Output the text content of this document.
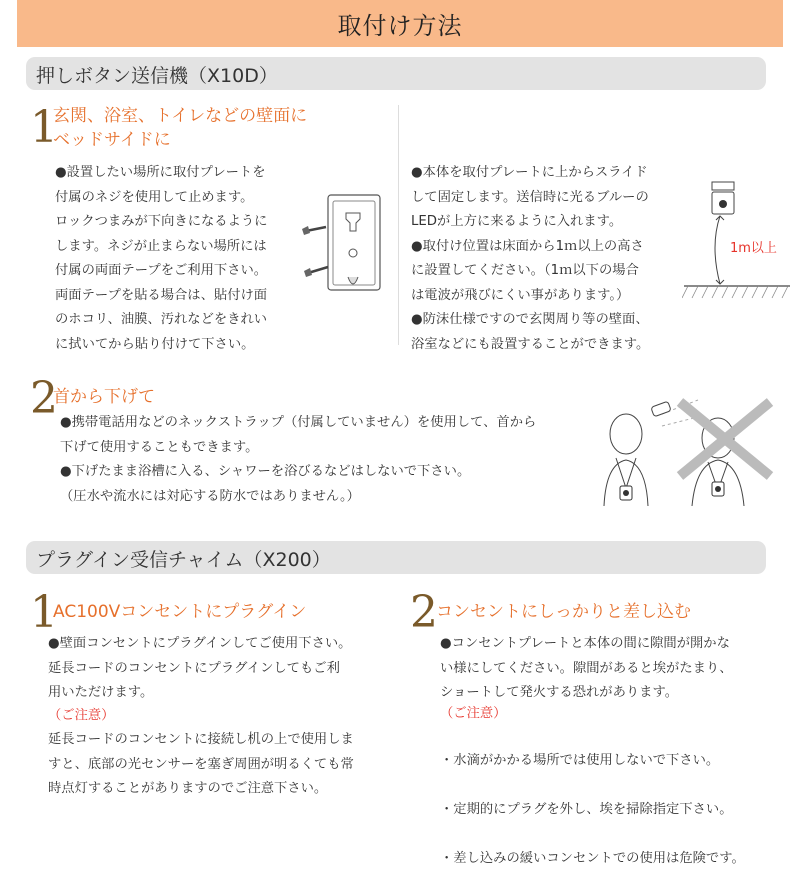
取付け方法
押しボタン送信機（X10D）
1
玄関、浴室、トイレなどの壁面に
ベッドサイドに
●設置したい場所に取付プレートを
付属のネジを使用して止めます。
ロックつまみが下向きになるように
します。ネジが止まらない場所には
付属の両面テープをご利用下さい。
両面テープを貼る場合は、貼付け面
のホコリ、油膜、汚れなどをきれい
に拭いてから貼り付けて下さい。
●本体を取付プレートに上からスライド
して固定します。送信時に光るブルーの
LEDが上方に来るように入れます。
●取付け位置は床面から1ｍ以上の高さ
に設置してください。（1ｍ以下の場合
は電波が飛びにくい事があります。）
●防沫仕様ですので玄関周り等の壁面、
浴室などにも設置することができます。
1m以上
2
首から下げて
●携帯電話用などのネックストラップ（付属していません）を使用して、首から
下げて使用することもできます。
●下げたまま浴槽に入る、シャワーを浴びるなどはしないで下さい。
（圧水や流水には対応する防水ではありません。）
プラグイン受信チャイム（X200）
1
AC100Vコンセントにプラグイン
●壁面コンセントにプラグインしてご使用下さい。
延長コードのコンセントにプラグインしてもご利
用いただけます。
（ご注意）
延長コードのコンセントに接続し机の上で使用しま
すと、底部の光センサーを塞ぎ周囲が明るくても常
時点灯することがありますのでご注意下さい。
2
コンセントにしっかりと差し込む
●コンセントプレートと本体の間に隙間が開かな
い様にしてください。隙間があると埃がたまり、
ショートして発火する恐れがあります。
（ご注意）

・水滴がかかる場所では使用しないで下さい。

・定期的にプラグを外し、埃を掃除指定下さい。

・差し込みの緩いコンセントでの使用は危険です。
